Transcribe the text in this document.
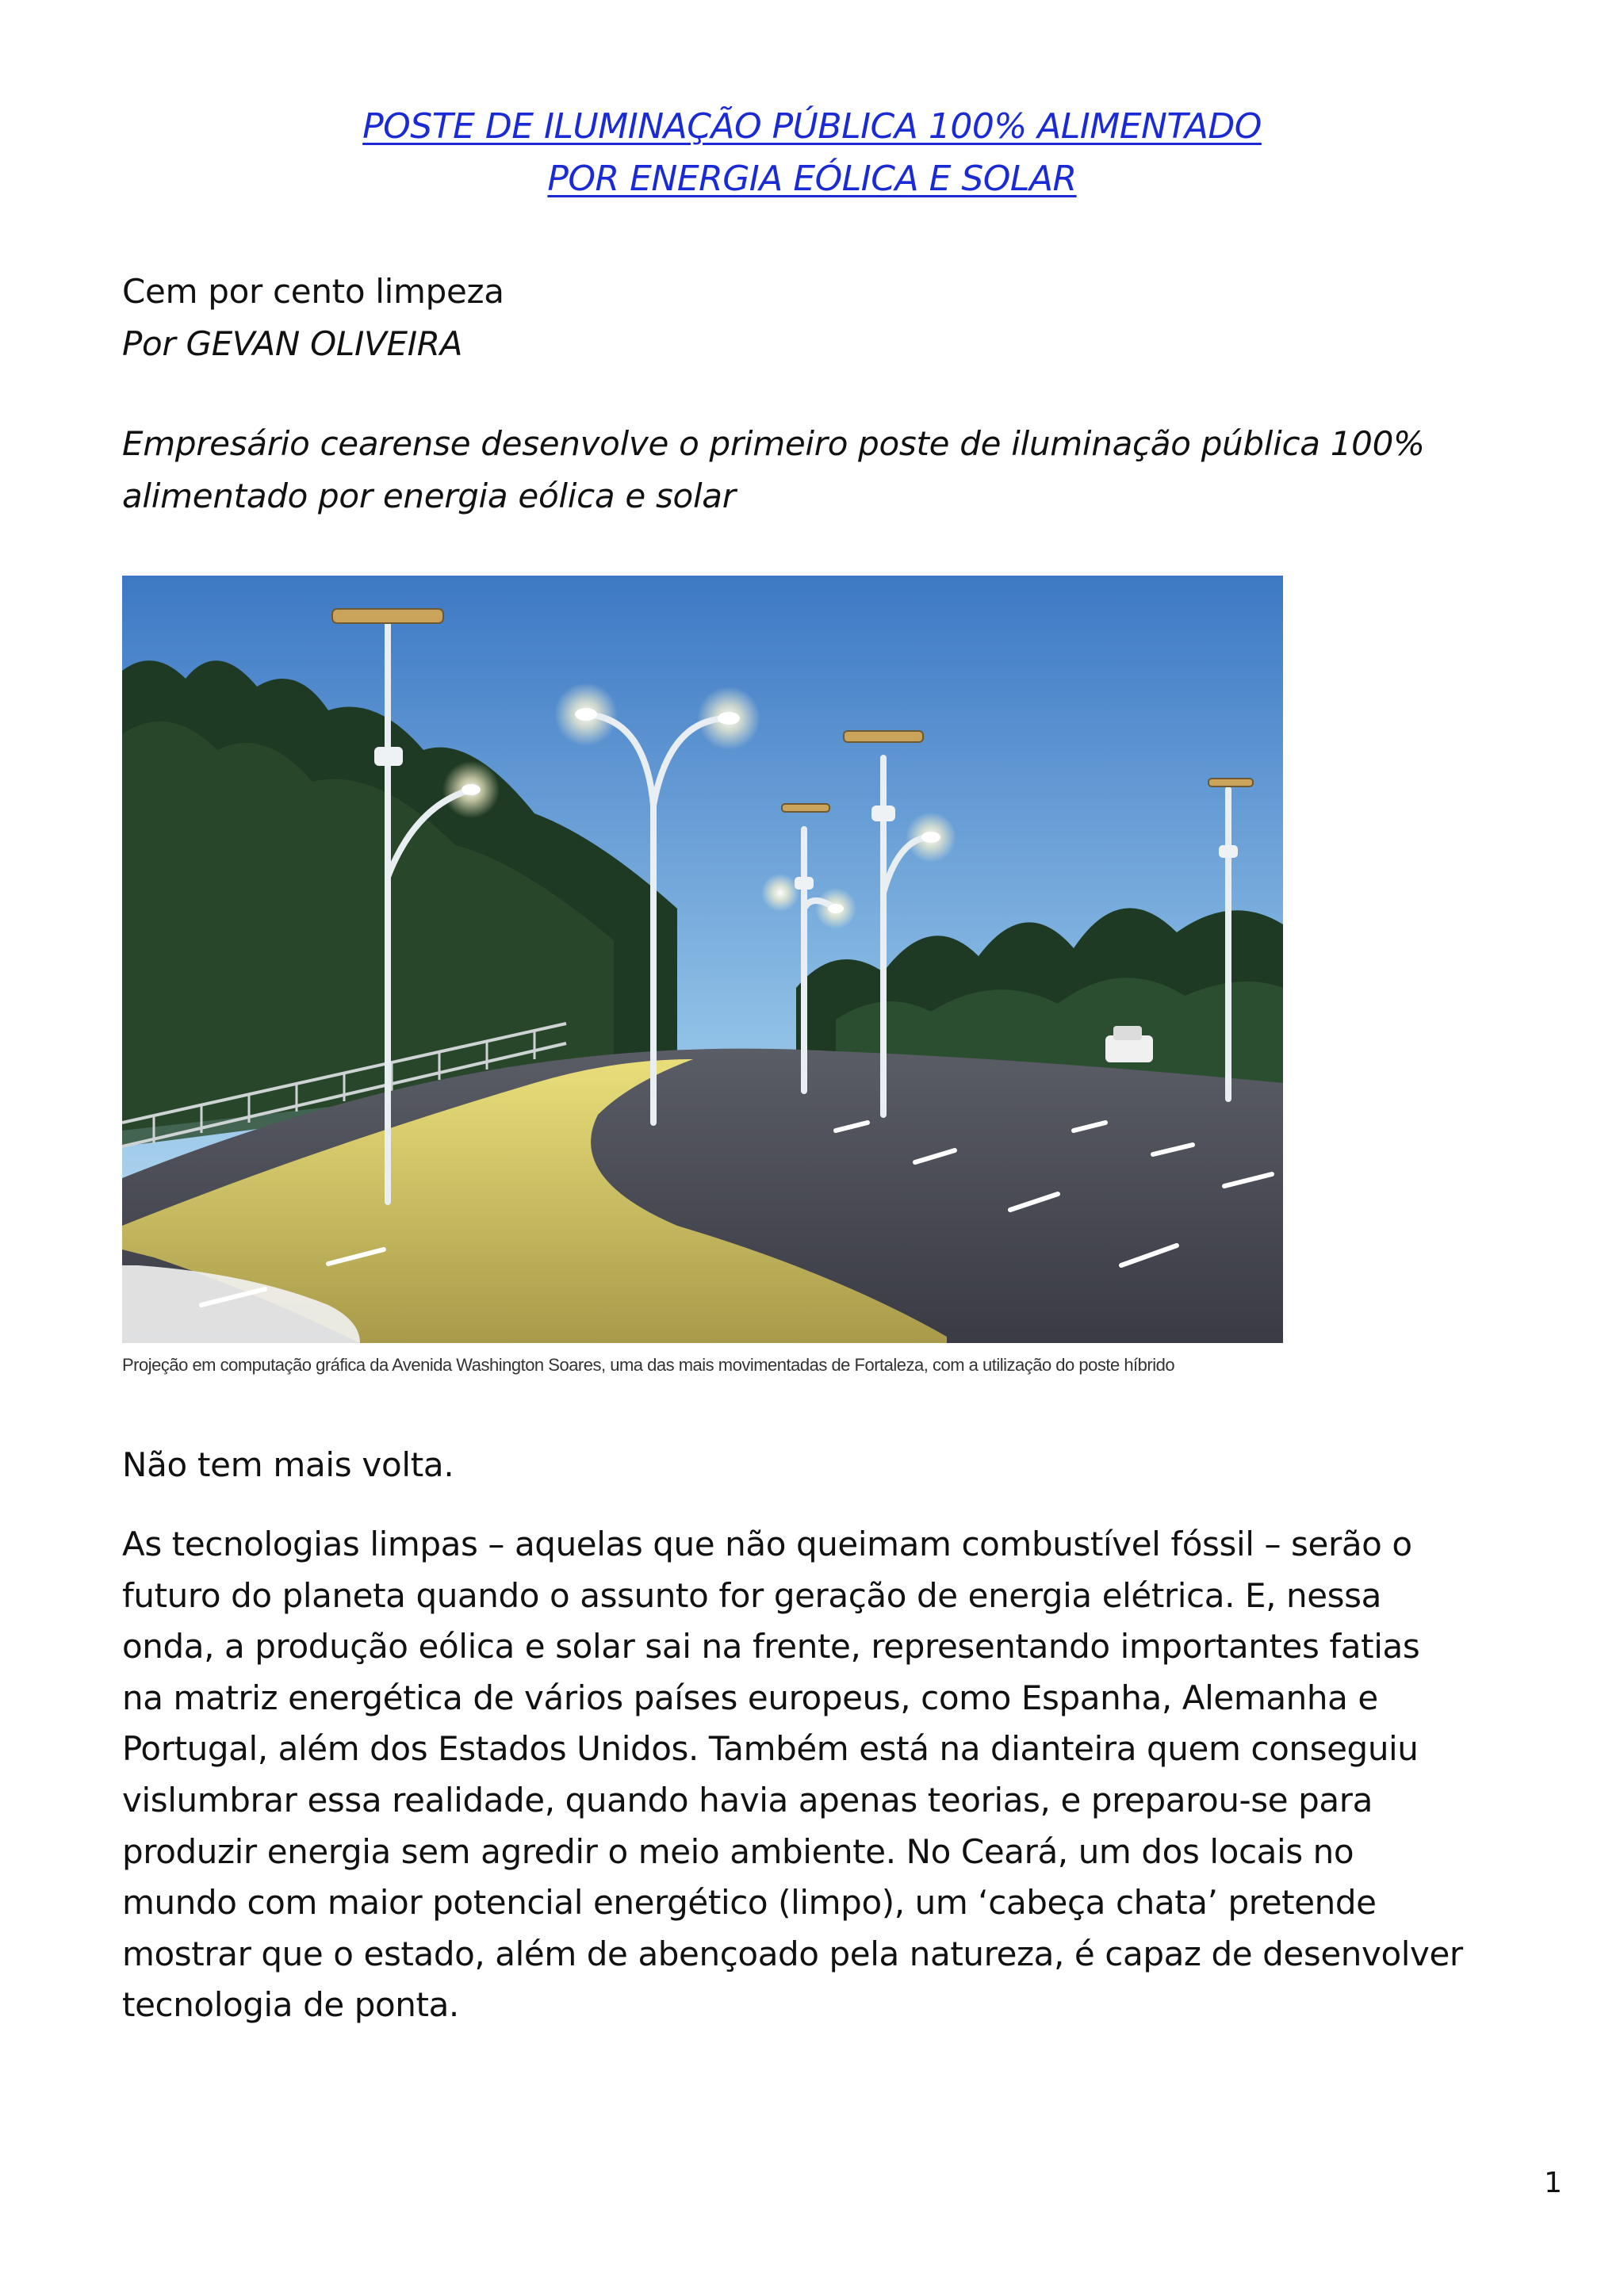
POSTE DE ILUMINAÇÃO PÚBLICA 100% ALIMENTADO
POR ENERGIA EÓLICA E SOLAR
Cem por cento limpeza
Por GEVAN OLIVEIRA
Empresário cearense desenvolve o primeiro poste de iluminação pública 100%
alimentado por energia eólica e solar
Projeção em computação gráfica da Avenida Washington Soares, uma das mais movimentadas de Fortaleza, com a utilização do poste híbrido
Não tem mais volta.
As tecnologias limpas – aquelas que não queimam combustível fóssil – serão o
futuro do planeta quando o assunto for geração de energia elétrica. E, nessa
onda, a produção eólica e solar sai na frente, representando importantes fatias
na matriz energética de vários países europeus, como Espanha, Alemanha e
Portugal, além dos Estados Unidos. Também está na dianteira quem conseguiu
vislumbrar essa realidade, quando havia apenas teorias, e preparou-se para
produzir energia sem agredir o meio ambiente. No Ceará, um dos locais no
mundo com maior potencial energético (limpo), um ‘cabeça chata’ pretende
mostrar que o estado, além de abençoado pela natureza, é capaz de desenvolver
tecnologia de ponta.
1
